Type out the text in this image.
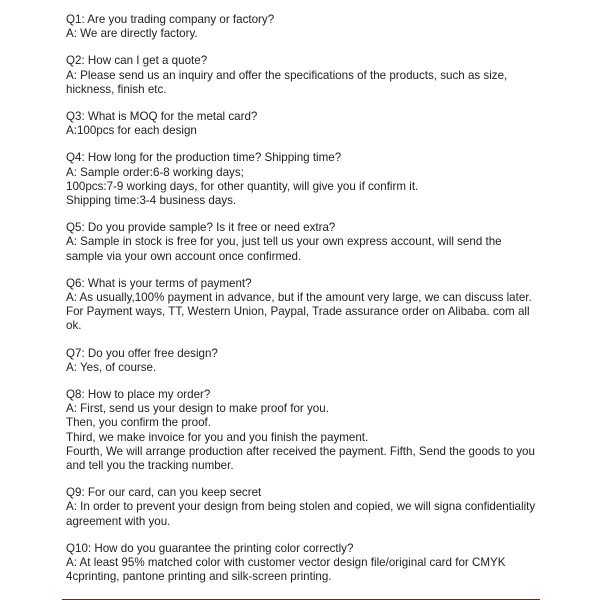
Q1: Are you trading company or factory?
A: We are directly factory.
Q2: How can I get a quote?
A: Please send us an inquiry and offer the specifications of the products, such as size,
hickness, finish etc.
Q3: What is MOQ for the metal card?
A:100pcs for each design
Q4: How long for the production time? Shipping time?
A: Sample order:6-8 working days;
100pcs:7-9 working days, for other quantity, will give you if confirm it.
Shipping time:3-4 business days.
Q5: Do you provide sample? Is it free or need extra?
A: Sample in stock is free for you, just tell us your own express account, will send the
sample via your own account once confirmed.
Q6: What is your terms of payment?
A: As usually,100% payment in advance, but if the amount very large, we can discuss later.
For Payment ways, TT, Western Union, Paypal, Trade assurance order on Alibaba. com all
ok.
Q7: Do you offer free design?
A: Yes, of course.
Q8: How to place my order?
A: First, send us your design to make proof for you.
Then, you confirm the proof.
Third, we make invoice for you and you finish the payment.
Fourth, We will arrange production after received the payment. Fifth, Send the goods to you
and tell you the tracking number.
Q9: For our card, can you keep secret
A: In order to prevent your design from being stolen and copied, we will signa confidentiality
agreement with you.
Q10: How do you guarantee the printing color correctly?
A: At least 95% matched color with customer vector design file/original card for CMYK
4cprinting, pantone printing and silk-screen printing.
